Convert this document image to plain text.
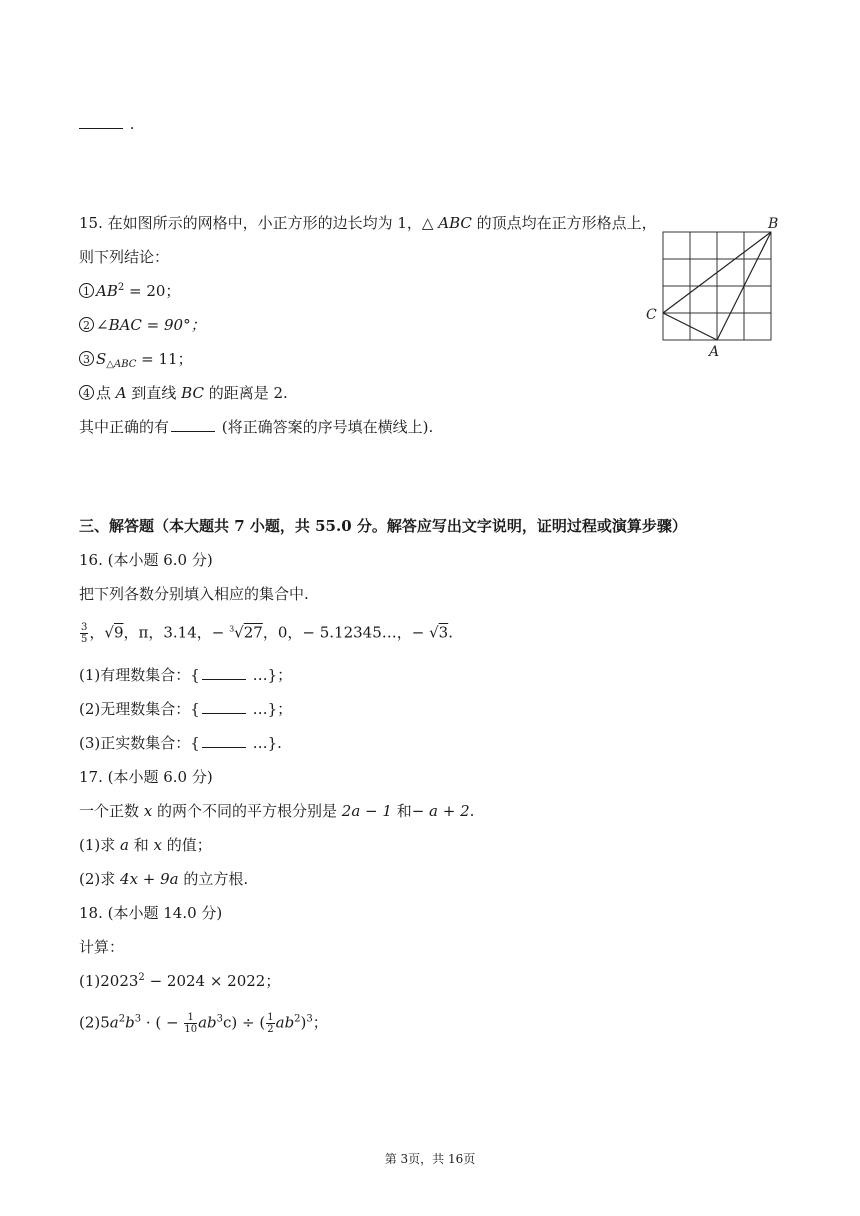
.
15. 在如图所示的网格中，小正方形的边长均为 1，△ ABC 的顶点均在正方形格点上，
则下列结论：
1 $AB^2 = 20$；
2 ∠BAC = 90°；
3 $S_{\triangle ABC} = 11$；
4 点 A 到直线 BC 的距离是 2.
其中正确的有	(将正确答案的序号填在横线上).
B
C
A
三、解答题（本大题共 7 小题，共 55.0 分。解答应写出文字说明，证明过程或演算步骤）
16. (本小题 6.0 分)
把下列各数分别填入相应的集合中.
$\frac{3}{5}$ ，√9，π，3.14，− $^3$√27，0，− 5.12345…，− √3.
(1)有理数集合：{	…}；
(2)无理数集合：{	…}；
(3)正实数集合：{	…}.
17. (本小题 6.0 分)
一个正数 x 的两个不同的平方根分别是 2a − 1 和− a + 2.
(1)求 a 和 x 的值；
(2)求 4x + 9a 的立方根.
18. (本小题 14.0 分)
计算：
$(1)2023^2 - 2024 \times 2022$；
$(2)5a^2b^3$ · ( − $\frac{1}{10} ab^3c$) ÷ ( $\frac{1}{2} ab^2)^3$；
第 3页，共 16页
